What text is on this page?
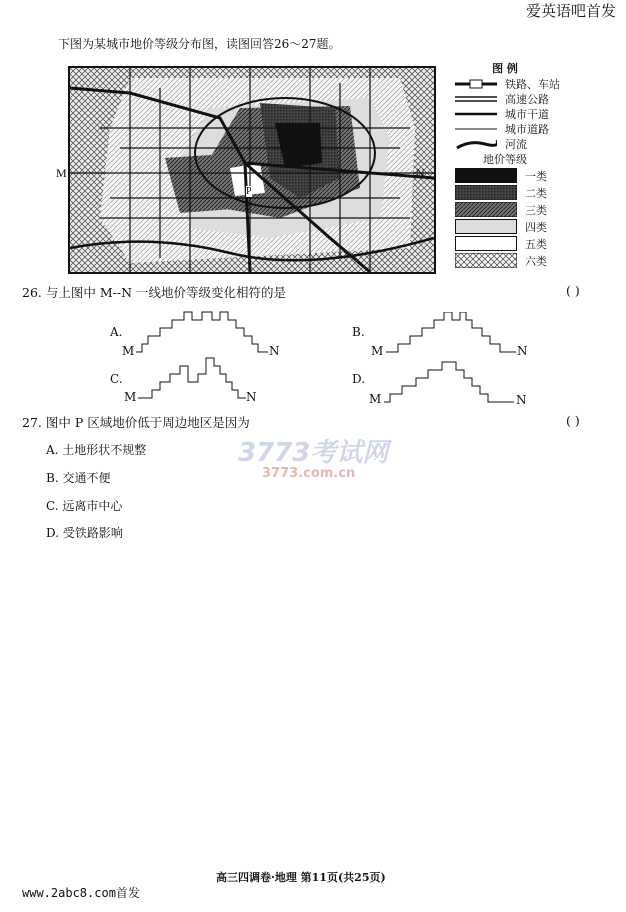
爱英语吧首发
下图为某城市地价等级分布图，读图回答26～27题。
M	N
P
图 例
铁路、车站
高速公路
城市干道
城市道路
河流
地价等级
一类
二类
三类
四类
五类
六类
26. 与上图中 M--N 一线地价等级变化相符的是	( )
A.
M	N
B.
M	N
C.
M	N
D.
M	N
27. 图中 P 区域地价低于周边地区是因为	( )
A. 土地形状不规整
B. 交通不便
C. 远离市中心
D. 受铁路影响
3773考试网
3773.com.cn
高三四调卷·地理 第11页(共25页)
www.2abc8.com首发
